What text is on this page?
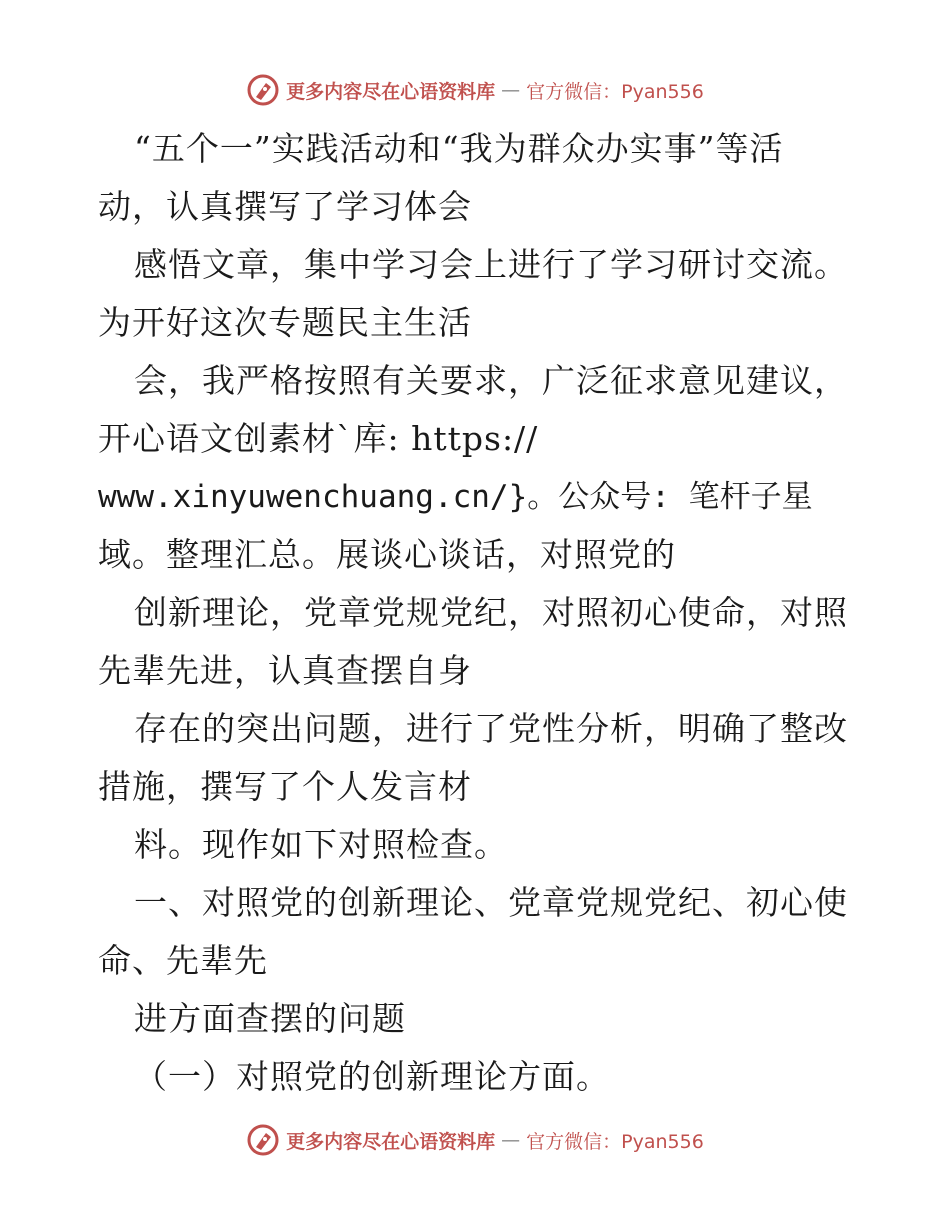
更多内容尽在心语资料库 — 官方微信：Pyan556
“五个一”实践活动和“我为群众办实事”等活
动，认真撰写了学习体会
感悟文章，集中学习会上进行了学习研讨交流。
为开好这次专题民主生活
会，我严格按照有关要求，广泛征求意见建议，
开心语文创素材`库: https://
www.xinyuwenchuang.cn/}。公众号: 笔杆子星
域。整理汇总。展谈心谈话，对照党的
创新理论，党章党规党纪，对照初心使命，对照
先辈先进，认真查摆自身
存在的突出问题，进行了党性分析，明确了整改
措施，撰写了个人发言材
料。现作如下对照检查。
一、对照党的创新理论、党章党规党纪、初心使
命、先辈先
进方面查摆的问题
（一）对照党的创新理论方面。
更多内容尽在心语资料库 — 官方微信：Pyan556
